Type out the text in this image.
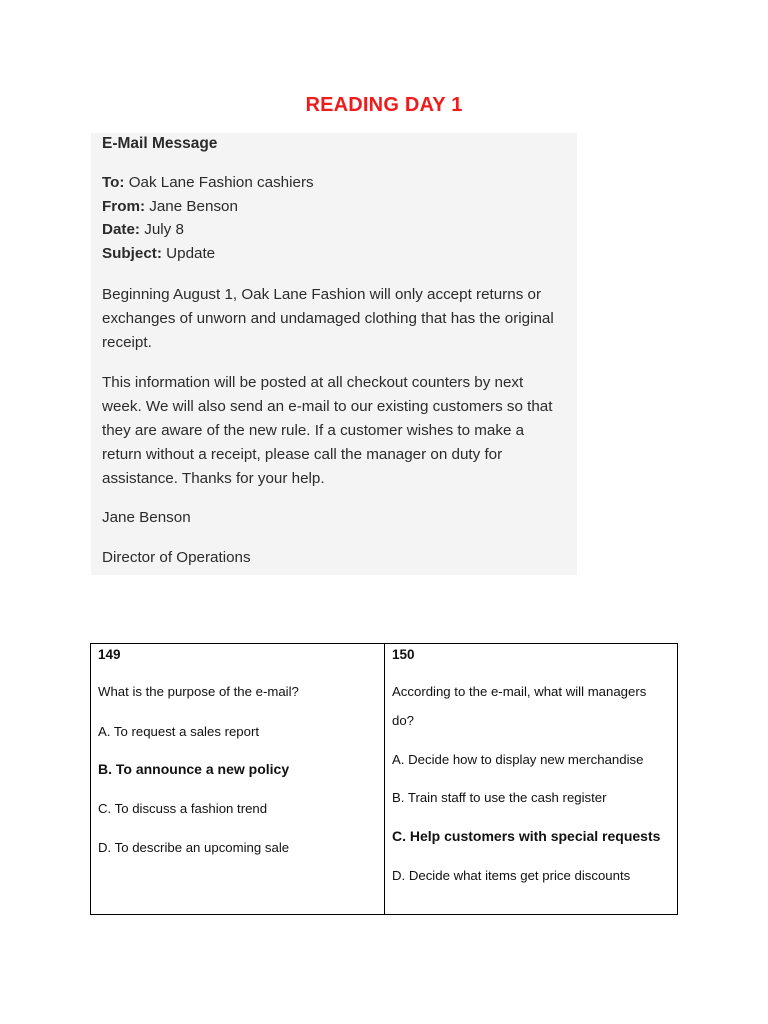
READING DAY 1
E-Mail Message
To: Oak Lane Fashion cashiers
From: Jane Benson
Date: July 8
Subject: Update
Beginning August 1, Oak Lane Fashion will only accept returns or
exchanges of unworn and undamaged clothing that has the original
receipt.
This information will be posted at all checkout counters by next
week. We will also send an e-mail to our existing customers so that
they are aware of the new rule. If a customer wishes to make a
return without a receipt, please call the manager on duty for
assistance. Thanks for your help.
Jane Benson
Director of Operations
149
What is the purpose of the e-mail?
A. To request a sales report
B. To announce a new policy
C. To discuss a fashion trend
D. To describe an upcoming sale
150
According to the e-mail, what will managers
do?
A. Decide how to display new merchandise
B. Train staff to use the cash register
C. Help customers with special requests
D. Decide what items get price discounts
